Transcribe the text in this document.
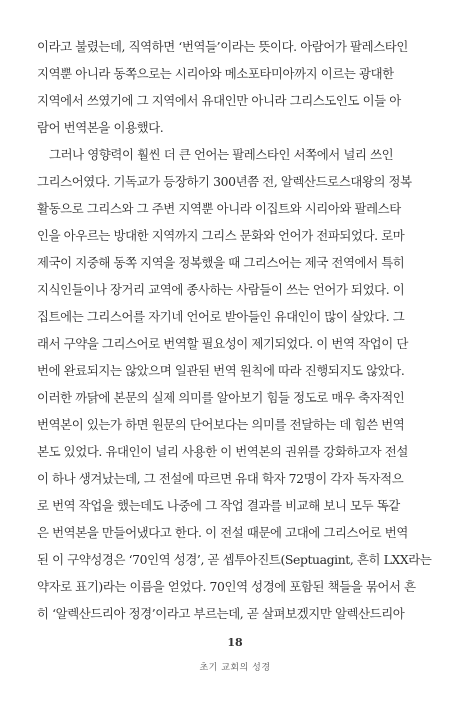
이라고 불렸는데, 직역하면 ‘번역들’이라는 뜻이다. 아람어가 팔레스타인
지역뿐 아니라 동쪽으로는 시리아와 메소포타미아까지 이르는 광대한
지역에서 쓰였기에 그 지역에서 유대인만 아니라 그리스도인도 이들 아
람어 번역본을 이용했다.
그러나 영향력이 훨씬 더 큰 언어는 팔레스타인 서쪽에서 널리 쓰인
그리스어였다. 기독교가 등장하기 300년쯤 전, 알렉산드로스대왕의 정복
활동으로 그리스와 그 주변 지역뿐 아니라 이집트와 시리아와 팔레스타
인을 아우르는 방대한 지역까지 그리스 문화와 언어가 전파되었다. 로마
제국이 지중해 동쪽 지역을 정복했을 때 그리스어는 제국 전역에서 특히
지식인들이나 장거리 교역에 종사하는 사람들이 쓰는 언어가 되었다. 이
집트에는 그리스어를 자기네 언어로 받아들인 유대인이 많이 살았다. 그
래서 구약을 그리스어로 번역할 필요성이 제기되었다. 이 번역 작업이 단
번에 완료되지는 않았으며 일관된 번역 원칙에 따라 진행되지도 않았다.
이러한 까닭에 본문의 실제 의미를 알아보기 힘들 정도로 매우 축자적인
번역본이 있는가 하면 원문의 단어보다는 의미를 전달하는 데 힘쓴 번역
본도 있었다. 유대인이 널리 사용한 이 번역본의 권위를 강화하고자 전설
이 하나 생겨났는데, 그 전설에 따르면 유대 학자 72명이 각자 독자적으
로 번역 작업을 했는데도 나중에 그 작업 결과를 비교해 보니 모두 똑같
은 번역본을 만들어냈다고 한다. 이 전설 때문에 고대에 그리스어로 번역
된 이 구약성경은 ‘70인역 성경’, 곧 셉투아진트(Septuagint, 흔히 LXX라는
약자로 표기)라는 이름을 얻었다. 70인역 성경에 포함된 책들을 묶어서 흔
히 ‘알렉산드리아 정경’이라고 부르는데, 곧 살펴보겠지만 알렉산드리아
18
초기 교회의 성경
